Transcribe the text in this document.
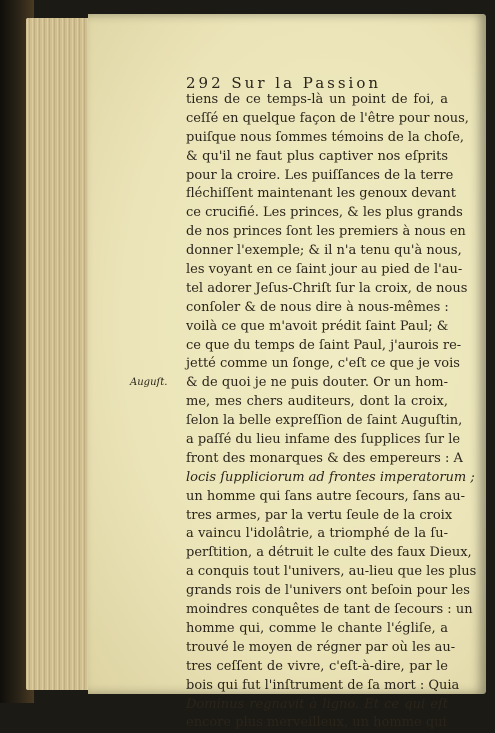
292 Sur la Passion
Auguſt.
tiens de ce temps-là un point de foi, a
ceſſé en quelque façon de l'être pour nous,
puiſque nous ſommes témoins de la choſe,
& qu'il ne faut plus captiver nos eſprits
pour la croire. Les puiſſances de la terre
fléchiſſent maintenant les genoux devant
ce crucifié. Les princes, & les plus grands
de nos princes ſont les premiers à nous en
donner l'exemple; & il n'a tenu qu'à nous,
les voyant en ce ſaint jour au pied de l'au-
tel adorer Jeſus-Chriſt ſur la croix, de nous
conſoler & de nous dire à nous-mêmes :
voilà ce que m'avoit prédit ſaint Paul; &
ce que du temps de ſaint Paul, j'aurois re-
jetté comme un ſonge, c'eſt ce que je vois
& de quoi je ne puis douter. Or un hom-
me, mes chers auditeurs, dont la croix,
ſelon la belle expreſſion de ſaint Auguſtin,
a paſſé du lieu infame des ſupplices ſur le
front des monarques & des empereurs : A
locis ſuppliciorum ad frontes imperatorum ;
un homme qui ſans autre ſecours, ſans au-
tres armes, par la vertu ſeule de la croix
a vaincu l'idolâtrie, a triomphé de la ſu-
perſtition, a détruit le culte des faux Dieux,
a conquis tout l'univers, au-lieu que les plus
grands rois de l'univers ont beſoin pour les
moindres conquêtes de tant de ſecours : un
homme qui, comme le chante l'égliſe, a
trouvé le moyen de régner par où les au-
tres ceſſent de vivre, c'eſt-à-dire, par le
bois qui fut l'inſtrument de ſa mort : Quia
Dominus regnavit à ligno. Et ce qui eſt
encore plus merveilleux, un homme qui
